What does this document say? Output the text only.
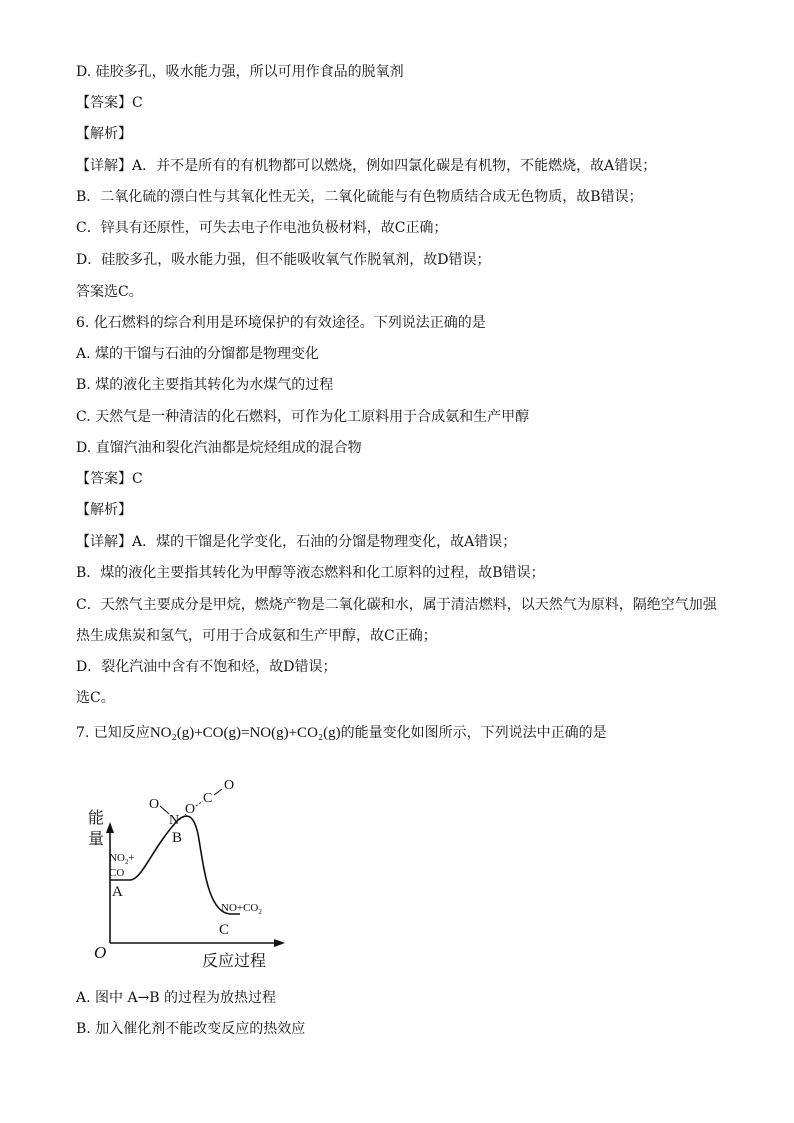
D. 硅胶多孔，吸水能力强，所以可用作食品的脱氧剂
【答案】C
【解析】
【详解】A．并不是所有的有机物都可以燃烧，例如四氯化碳是有机物，不能燃烧，故A错误；
B．二氧化硫的漂白性与其氧化性无关，二氧化硫能与有色物质结合成无色物质，故B错误；
C．锌具有还原性，可失去电子作电池负极材料，故C正确；
D．硅胶多孔，吸水能力强，但不能吸收氧气作脱氧剂，故D错误；
答案选C。
6. 化石燃料的综合利用是环境保护的有效途径。下列说法正确的是
A. 煤的干馏与石油的分馏都是物理变化
B. 煤的液化主要指其转化为水煤气的过程
C. 天然气是一种清洁的化石燃料，可作为化工原料用于合成氨和生产甲醇
D. 直馏汽油和裂化汽油都是烷烃组成的混合物
【答案】C
【解析】
【详解】A．煤的干馏是化学变化，石油的分馏是物理变化，故A错误；
B．煤的液化主要指其转化为甲醇等液态燃料和化工原料的过程，故B错误；
C．天然气主要成分是甲烷，燃烧产物是二氧化碳和水，属于清洁燃料，以天然气为原料，隔绝空气加强
热生成焦炭和氢气，可用于合成氨和生产甲醇，故C正确；
D．裂化汽油中含有不饱和烃，故D错误；
选C。
7. 已知反应NO₂(g)+CO(g)=NO(g)+CO₂(g)的能量变化如图所示，下列说法中正确的是
能
量
反应过程
O
A
B
C
$NO_2+$
CO
$NO+CO_2$
O
N
O
C
O
A. 图中 A→B 的过程为放热过程
B. 加入催化剂不能改变反应的热效应
